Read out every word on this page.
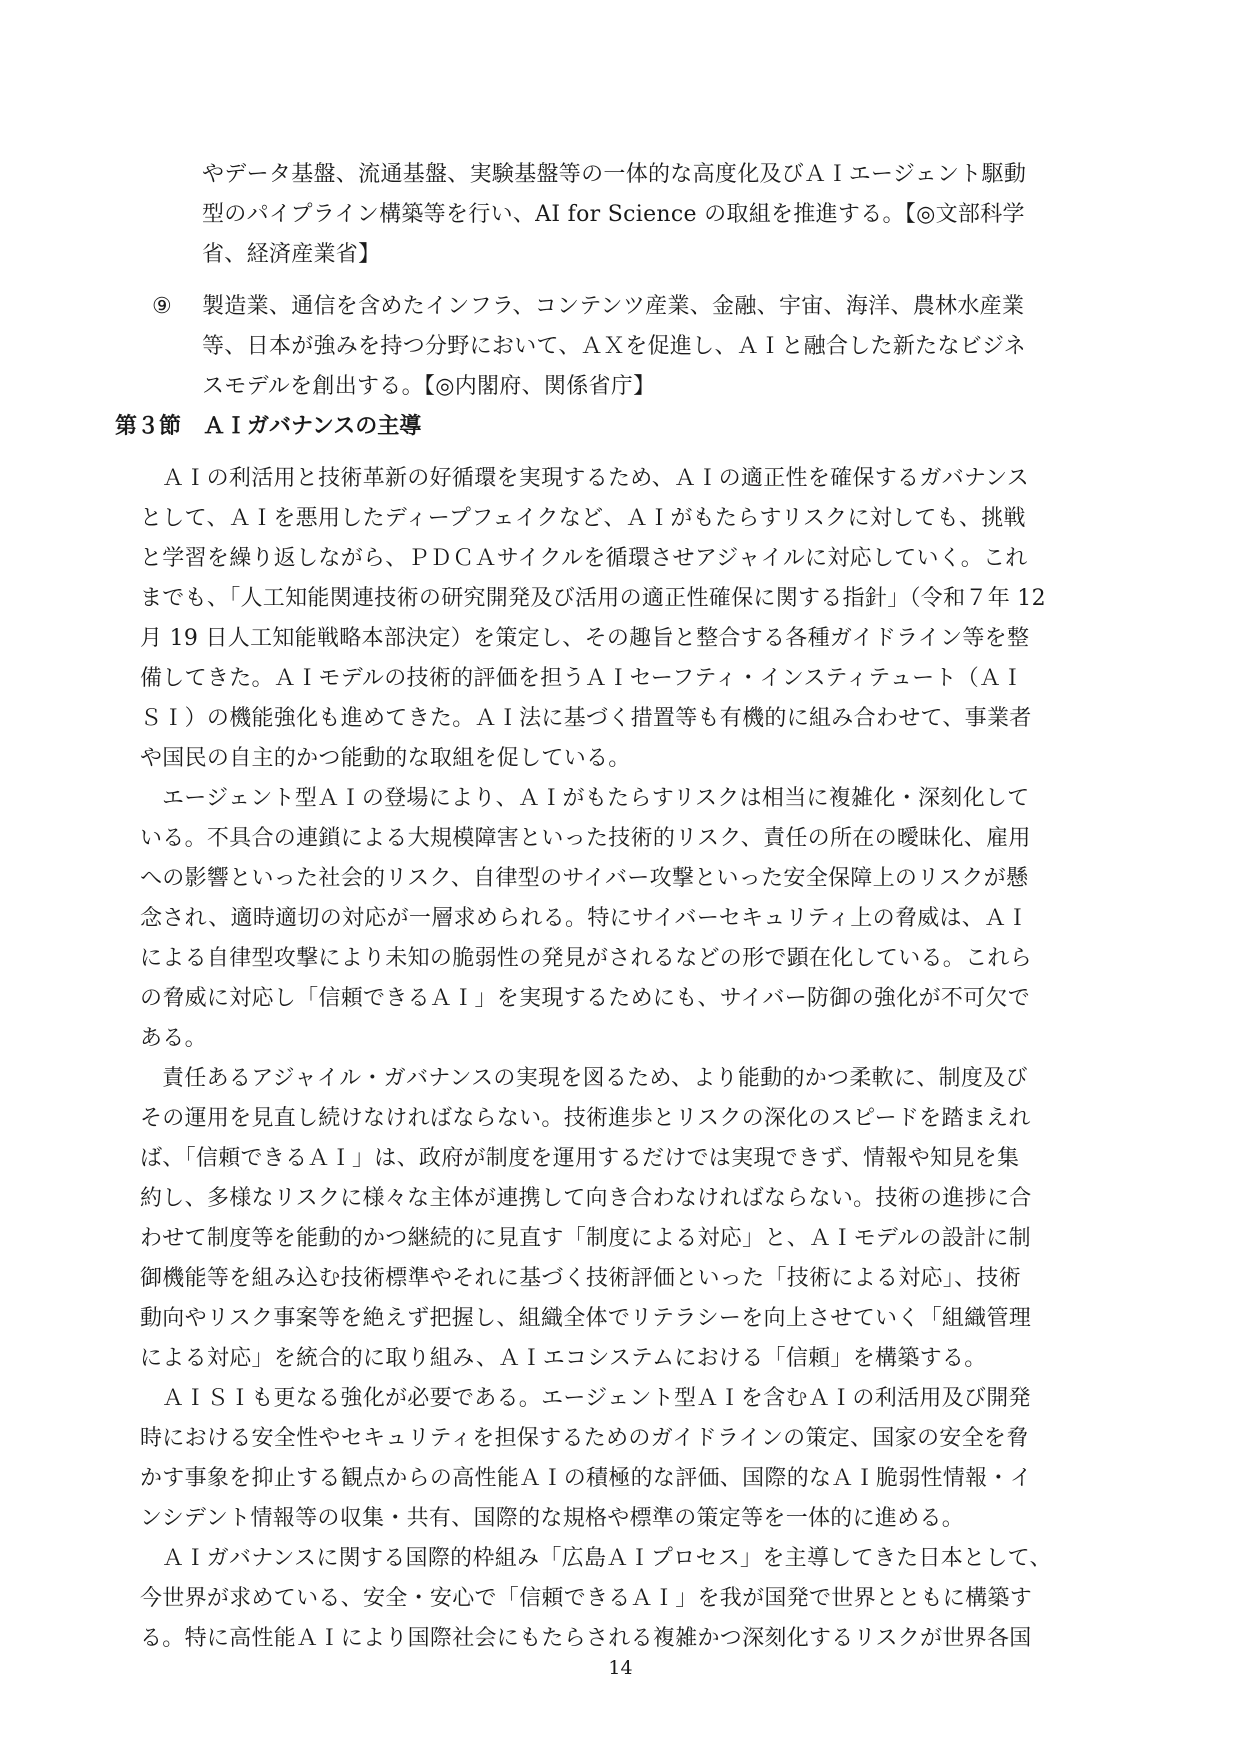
やデータ基盤、流通基盤、実験基盤等の一体的な高度化及びＡＩエージェント駆動
型のパイプライン構築等を行い、AI for Science の取組を推進する。【◎文部科学
省、経済産業省】
⑨	製造業、通信を含めたインフラ、コンテンツ産業、金融、宇宙、海洋、農林水産業
等、日本が強みを持つ分野において、ＡＸを促進し、ＡＩと融合した新たなビジネ
スモデルを創出する。【◎内閣府、関係省庁】
第３節　ＡＩガバナンスの主導
ＡＩの利活用と技術革新の好循環を実現するため、ＡＩの適正性を確保するガバナンス
として、ＡＩを悪用したディープフェイクなど、ＡＩがもたらすリスクに対しても、挑戦
と学習を繰り返しながら、ＰＤＣＡサイクルを循環させアジャイルに対応していく。これ
までも、「人工知能関連技術の研究開発及び活用の適正性確保に関する指針」（令和７年 12
月 19 日人工知能戦略本部決定）を策定し、その趣旨と整合する各種ガイドライン等を整
備してきた。ＡＩモデルの技術的評価を担うＡＩセーフティ・インスティテュート（ＡＩ
ＳＩ）の機能強化も進めてきた。ＡＩ法に基づく措置等も有機的に組み合わせて、事業者
や国民の自主的かつ能動的な取組を促している。
エージェント型ＡＩの登場により、ＡＩがもたらすリスクは相当に複雑化・深刻化して
いる。不具合の連鎖による大規模障害といった技術的リスク、責任の所在の曖昧化、雇用
への影響といった社会的リスク、自律型のサイバー攻撃といった安全保障上のリスクが懸
念され、適時適切の対応が一層求められる。特にサイバーセキュリティ上の脅威は、ＡＩ
による自律型攻撃により未知の脆弱性の発見がされるなどの形で顕在化している。これら
の脅威に対応し「信頼できるＡＩ」を実現するためにも、サイバー防御の強化が不可欠で
ある。
責任あるアジャイル・ガバナンスの実現を図るため、より能動的かつ柔軟に、制度及び
その運用を見直し続けなければならない。技術進歩とリスクの深化のスピードを踏まえれ
ば、「信頼できるＡＩ」は、政府が制度を運用するだけでは実現できず、情報や知見を集
約し、多様なリスクに様々な主体が連携して向き合わなければならない。技術の進捗に合
わせて制度等を能動的かつ継続的に見直す「制度による対応」と、ＡＩモデルの設計に制
御機能等を組み込む技術標準やそれに基づく技術評価といった「技術による対応」、技術
動向やリスク事案等を絶えず把握し、組織全体でリテラシーを向上させていく「組織管理
による対応」を統合的に取り組み、ＡＩエコシステムにおける「信頼」を構築する。
ＡＩＳＩも更なる強化が必要である。エージェント型ＡＩを含むＡＩの利活用及び開発
時における安全性やセキュリティを担保するためのガイドラインの策定、国家の安全を脅
かす事象を抑止する観点からの高性能ＡＩの積極的な評価、国際的なＡＩ脆弱性情報・イ
ンシデント情報等の収集・共有、国際的な規格や標準の策定等を一体的に進める。
ＡＩガバナンスに関する国際的枠組み「広島ＡＩプロセス」を主導してきた日本として、
今世界が求めている、安全・安心で「信頼できるＡＩ」を我が国発で世界とともに構築す
る。特に高性能ＡＩにより国際社会にもたらされる複雑かつ深刻化するリスクが世界各国
14
